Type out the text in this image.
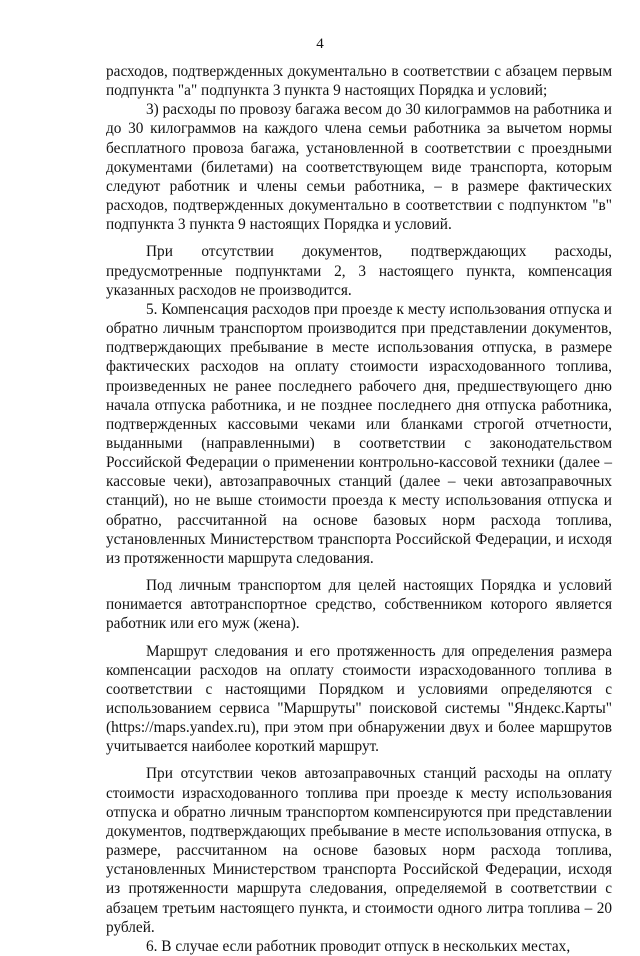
4

расходов, подтвержденных документально в соответствии с абзацем первым подпункта "а" подпункта 3 пункта 9 настоящих Порядка и условий;

3) расходы по провозу багажа весом до 30 килограммов на работника и до 30 килограммов на каждого члена семьи работника за вычетом нормы бесплатного провоза багажа, установленной в соответствии с проездными документами (билетами) на соответствующем виде транспорта, которым следуют работник и члены семьи работника, – в размере фактических расходов, подтвержденных документально в соответствии с подпунктом "в" подпункта 3 пункта 9 настоящих Порядка и условий.

При отсутствии документов, подтверждающих расходы, предусмотренные подпунктами 2, 3 настоящего пункта, компенсация указанных расходов не производится.

5. Компенсация расходов при проезде к месту использования отпуска и обратно личным транспортом производится при представлении документов, подтверждающих пребывание в месте использования отпуска, в размере фактических расходов на оплату стоимости израсходованного топлива, произведенных не ранее последнего рабочего дня, предшествующего дню начала отпуска работника, и не позднее последнего дня отпуска работника, подтвержденных кассовыми чеками или бланками строгой отчетности, выданными (направленными) в соответствии с законодательством Российской Федерации о применении контрольно-кассовой техники (далее – кассовые чеки), автозаправочных станций (далее – чеки автозаправочных станций), но не выше стоимости проезда к месту использования отпуска и обратно, рассчитанной на основе базовых норм расхода топлива, установленных Министерством транспорта Российской Федерации, и исходя из протяженности маршрута следования.

Под личным транспортом для целей настоящих Порядка и условий понимается автотранспортное средство, собственником которого является работник или его муж (жена).

Маршрут следования и его протяженность для определения размера компенсации расходов на оплату стоимости израсходованного топлива в соответствии с настоящими Порядком и условиями определяются с использованием сервиса "Маршруты" поисковой системы "Яндекс.Карты" (https://maps.yandex.ru), при этом при обнаружении двух и более маршрутов учитывается наиболее короткий маршрут.

При отсутствии чеков автозаправочных станций расходы на оплату стоимости израсходованного топлива при проезде к месту использования отпуска и обратно личным транспортом компенсируются при представлении документов, подтверждающих пребывание в месте использования отпуска, в размере, рассчитанном на основе базовых норм расхода топлива, установленных Министерством транспорта Российской Федерации, исходя из протяженности маршрута следования, определяемой в соответствии с абзацем третьим настоящего пункта, и стоимости одного литра топлива – 20 рублей.

6. В случае если работник проводит отпуск в нескольких местах,
